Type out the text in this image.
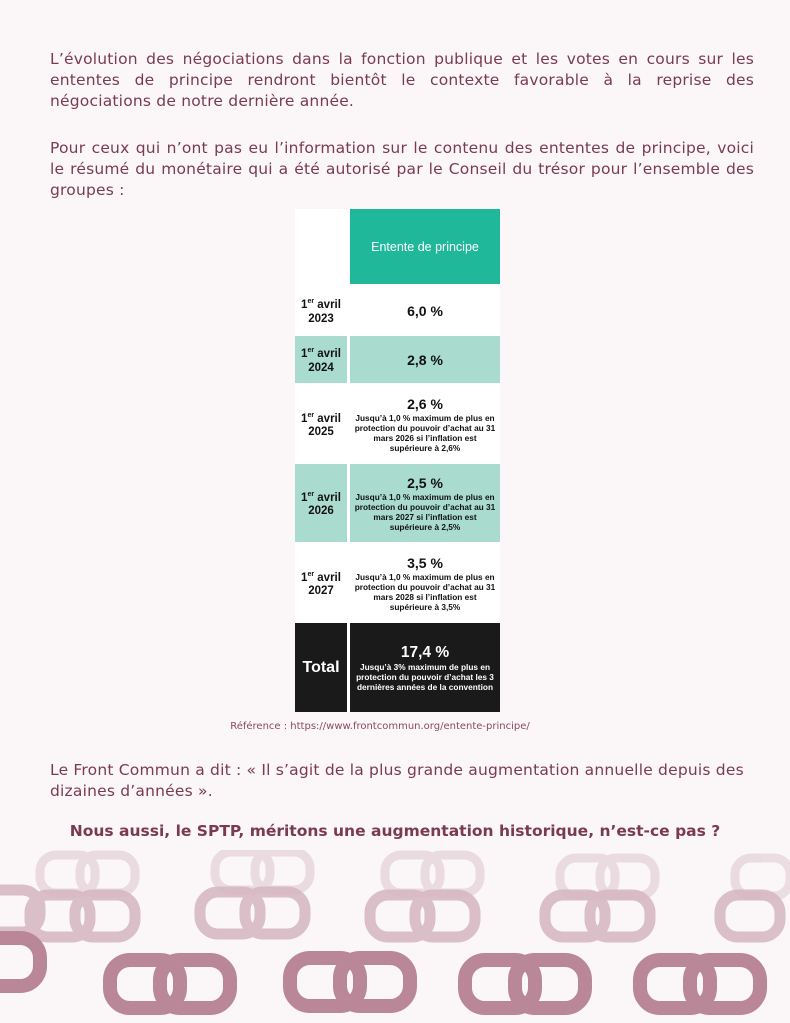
L’évolution des négociations dans la fonction publique et les votes en cours sur les ententes de principe rendront bientôt le contexte favorable à la reprise des négociations de notre dernière année.
Pour ceux qui n’ont pas eu l’information sur le contenu des ententes de principe, voici le résumé du monétaire qui a été autorisé par le Conseil du trésor pour l’ensemble des groupes :
Entente de principe
1er avril
2023
6,0 %
1er avril
2024
2,8 %
1er avril
2025
2,6 %
Jusqu’à 1,0 % maximum de plus en protection du pouvoir d’achat au 31 mars 2026 si l’inflation est supérieure à 2,6%
1er avril
2026
2,5 %
Jusqu’à 1,0 % maximum de plus en protection du pouvoir d’achat au 31 mars 2027 si l’inflation est supérieure à 2,5%
1er avril
2027
3,5 %
Jusqu’à 1,0 % maximum de plus en protection du pouvoir d’achat au 31 mars 2028 si l’inflation est supérieure à 3,5%
Total
17,4 %
Jusqu’à 3% maximum de plus en protection du pouvoir d’achat les 3 dernières années de la convention
Référence : https://www.frontcommun.org/entente-principe/
Le Front Commun a dit : « Il s’agit de la plus grande augmentation annuelle depuis des dizaines d’années ».
Nous aussi, le SPTP, méritons une augmentation historique, n’est-ce pas ?
